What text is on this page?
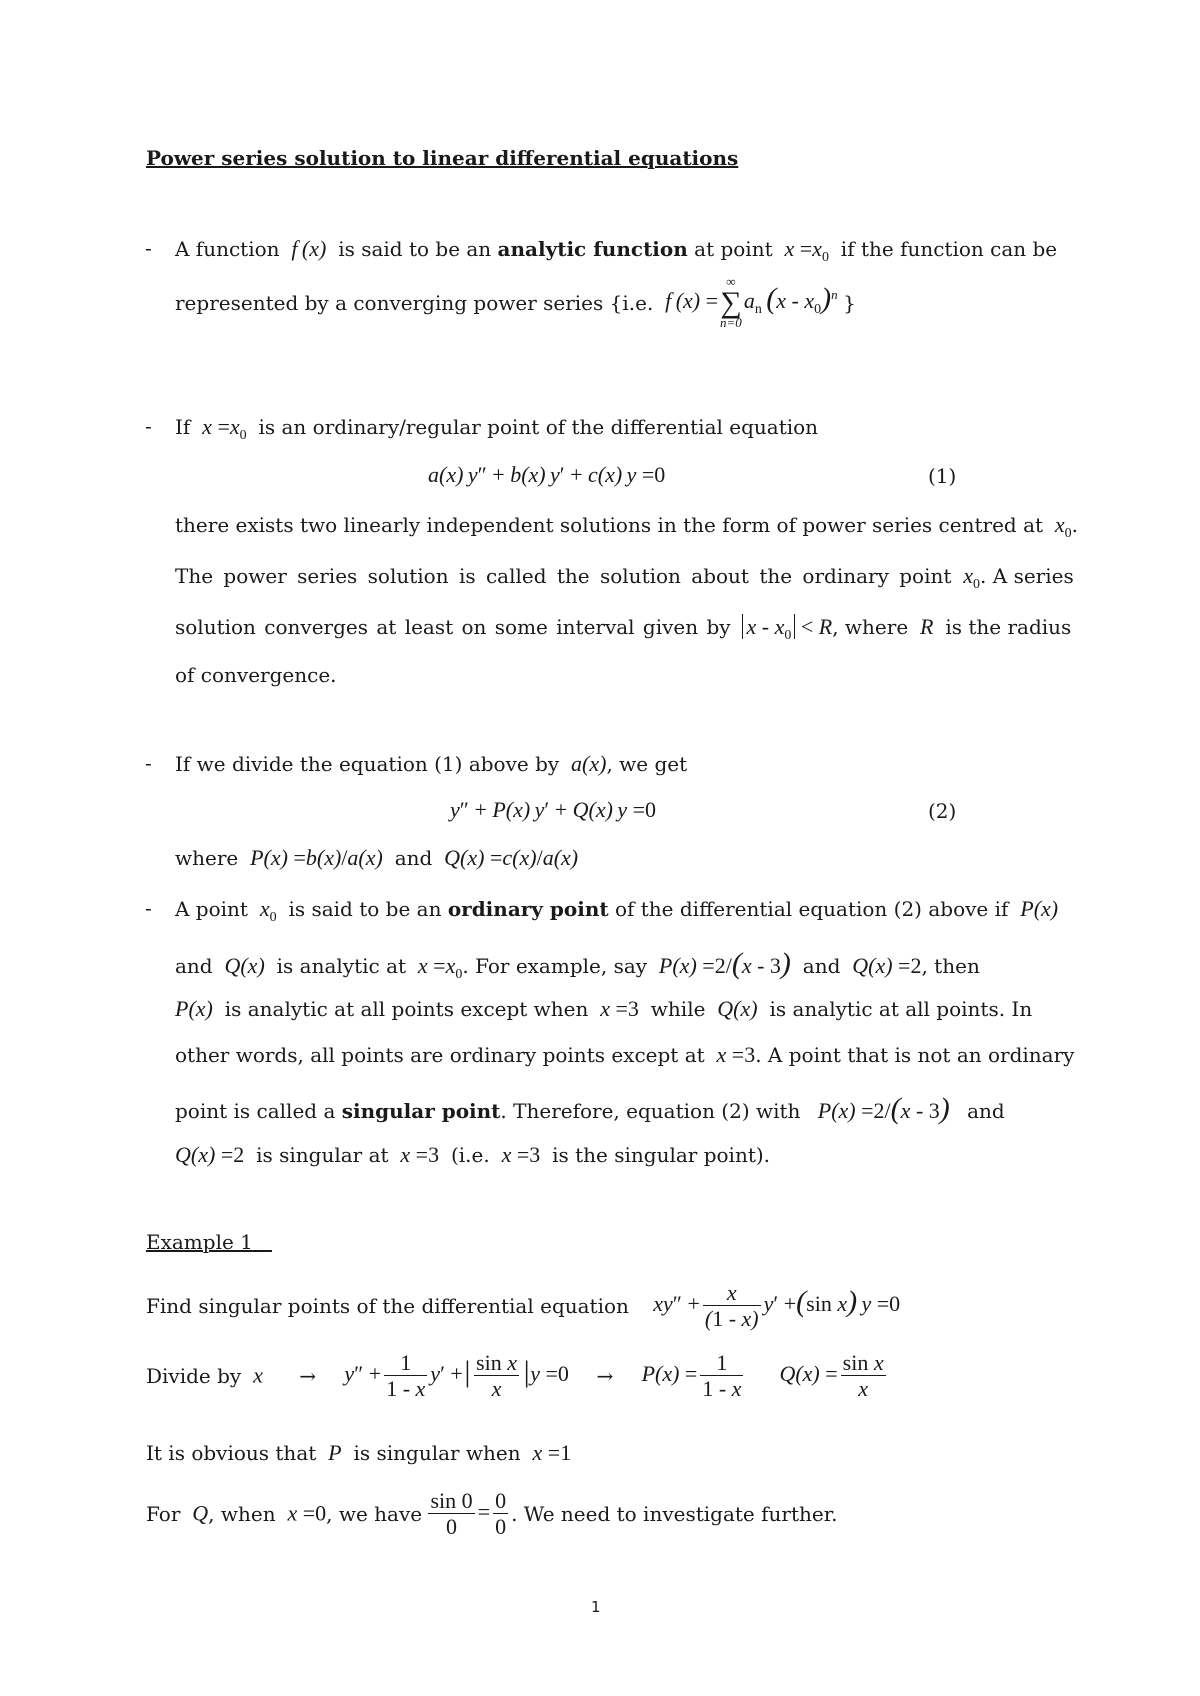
Power series solution to linear differential equations
- A function  f (x)  is said to be an analytic function at point  $x =x_0$ if the function can be
represented by a converging power series {i.e.  f (x) =
∞
∑
n=0
$a_n$  $(x - x_0)^n$ }
- If  $x =x_0$ is an ordinary/regular point of the differential equation
a(x) y″ + b(x) y′ + c(x) y =0	(1)
there exists two linearly independent solutions in the form of power series centred at  $x_0$.
The power series solution is called the solution about the ordinary point  $x_0$. A series
solution converges at least on some interval given by $x - x_0 < R$, where  R  is the radius
of convergence.
- If we divide the equation (1) above by  a(x), we get
y″ + P(x) y′ + Q(x) y =0	(2)
where  P(x) =b(x)/a(x)  and  Q(x) =c(x)/a(x)
- A point  $x_0$ is said to be an ordinary point of the differential equation (2) above if  P(x)
and  Q(x)  is analytic at  $x =x_0$. For example, say  P(x) =2/(x - 3) and  Q(x) =2, then
P(x)  is analytic at all points except when  x =3 while  Q(x)  is analytic at all points. In
other words, all points are ordinary points except at  x =3. A point that is not an ordinary
point is called a singular point. Therefore, equation (2) with   P(x) =2/(x - 3) and
Q(x) =2 is singular at  x =3 (i.e.  x =3 is the singular point).
Example 1
Find singular points of the differential equation $xy'' + \frac{x}{(1 - x)} y' +(\sin$ x) y =0
Divide by  $x \to y'' + \frac{1}{1 - x} y'$ +| $\frac{\text{sin x}}{x} |y =0 \to P(x) = \frac{1}{1 - x} Q(x) = \frac{\text{sin x}}{x}$
It is obvious that  P  is singular when  x =1
For  Q, when  x =0, we have $\frac{\sin 0}{0} = \frac{0}{0}$ . We need to investigate further.
1
